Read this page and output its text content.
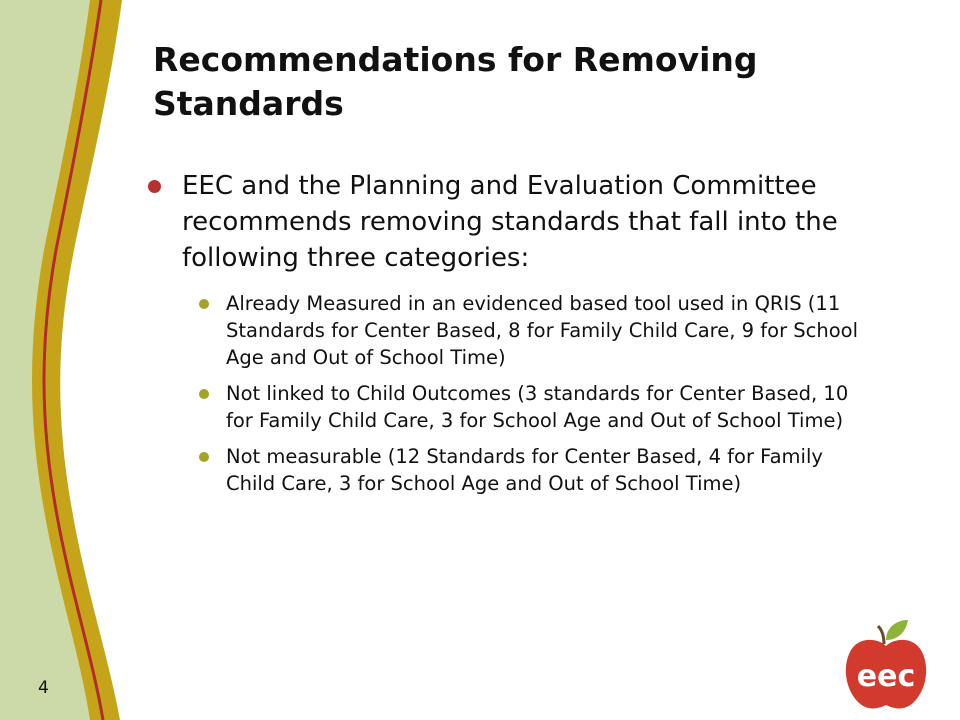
Recommendations for Removing Standards
EEC and the Planning and Evaluation Committee recommends removing standards that fall into the following three categories:
Already Measured in an evidenced based tool used in QRIS (11 Standards for Center Based, 8 for Family Child Care, 9 for School Age and Out of School Time)
Not linked to Child Outcomes (3 standards for Center Based, 10 for Family Child Care, 3 for School Age and Out of School Time)
Not measurable (12 Standards for Center Based, 4 for Family Child Care, 3 for School Age and Out of School Time)
4	eec
